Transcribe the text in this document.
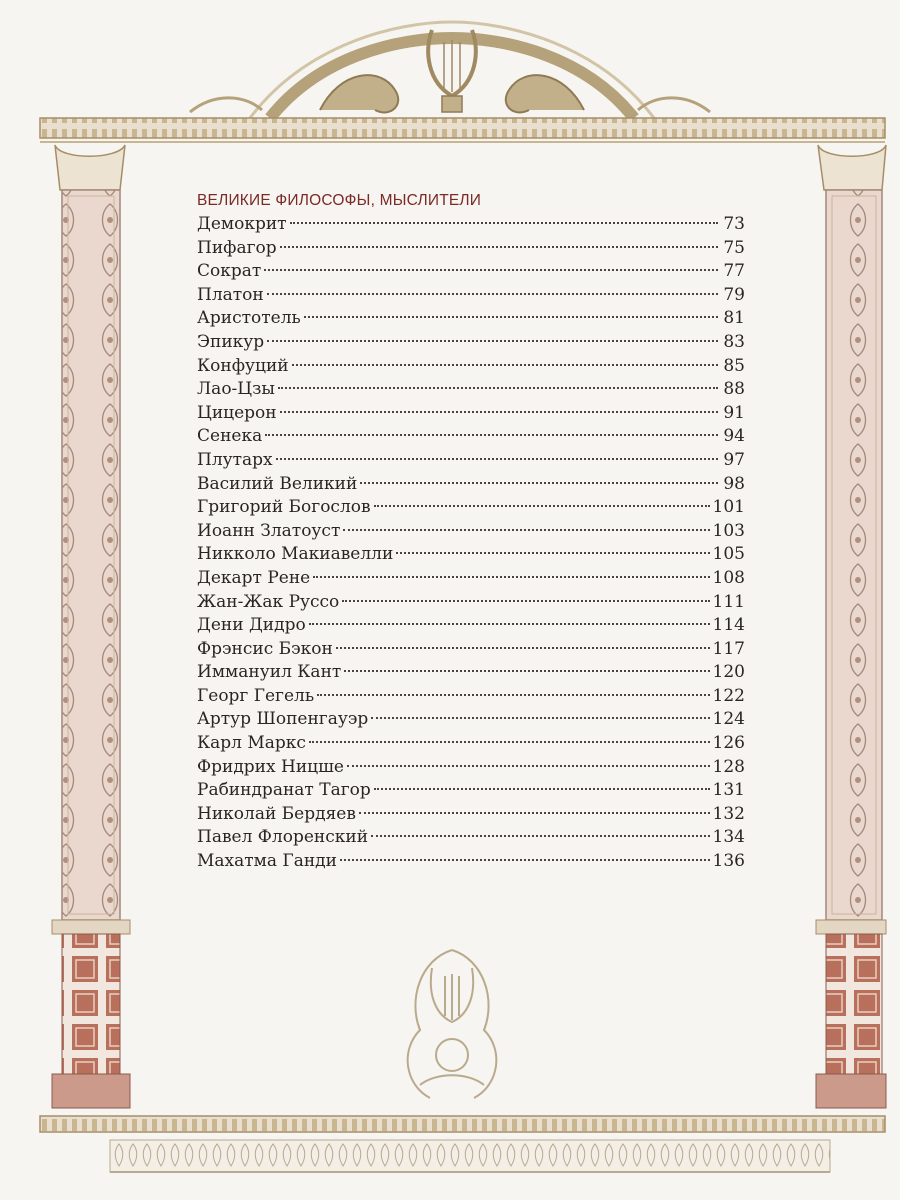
ВЕЛИКИЕ ФИЛОСОФЫ, МЫСЛИТЕЛИ
Демокрит	73
Пифагор	75
Сократ	77
Платон	79
Аристотель	81
Эпикур	83
Конфуций	85
Лао-Цзы	88
Цицерон	91
Сенека	94
Плутарх	97
Василий Великий	98
Григорий Богослов	101
Иоанн Златоуст	103
Никколо Макиавелли	105
Декарт Рене	108
Жан-Жак Руссо	111
Дени Дидро	114
Фрэнсис Бэкон	117
Иммануил Кант	120
Георг Гегель	122
Артур Шопенгауэр	124
Карл Маркс	126
Фридрих Ницше	128
Рабиндранат Тагор	131
Николай Бердяев	132
Павел Флоренский	134
Махатма Ганди	136
